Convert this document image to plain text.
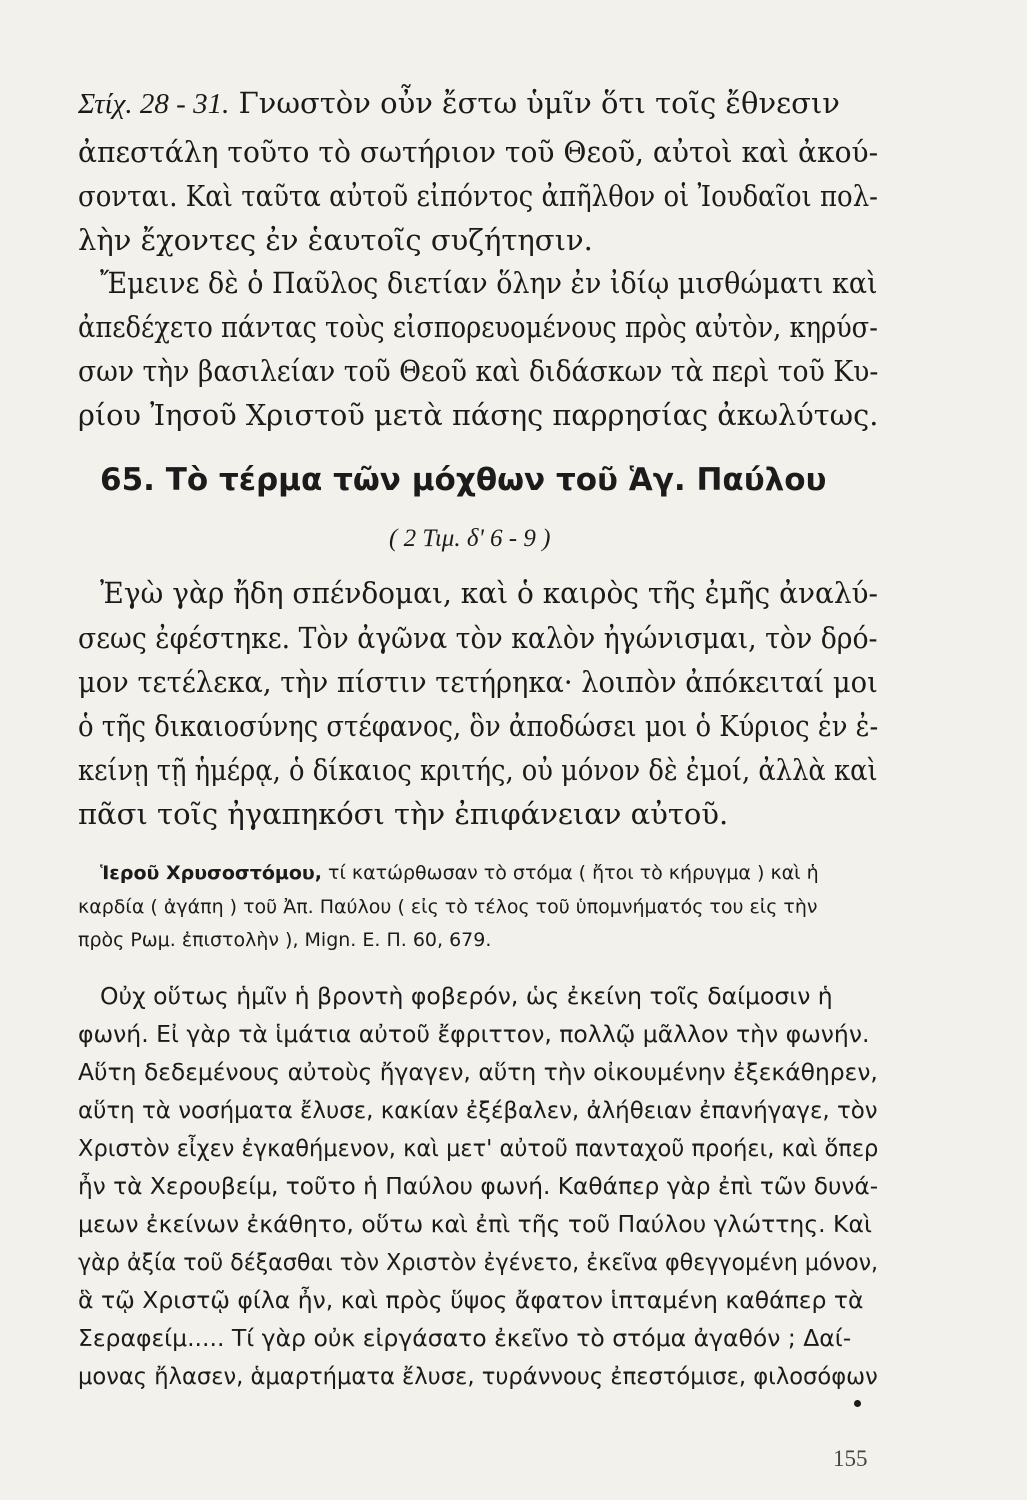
Στίχ. 28 - 31. Γνωστὸν οὖν ἔστω ὑμῖν ὅτι τοῖς ἔθνεσιν
ἀπεστάλη τοῦτο τὸ σωτήριον τοῦ Θεοῦ, αὐτοὶ καὶ ἀκού-
σονται. Καὶ ταῦτα αὐτοῦ εἰπόντος ἀπῆλθον οἱ Ἰουδαῖοι πολ-
λὴν ἔχοντες ἐν ἑαυτοῖς συζήτησιν.
Ἔμεινε δὲ ὁ Παῦλος διετίαν ὅλην ἐν ἰδίῳ μισθώματι καὶ
ἀπεδέχετο πάντας τοὺς εἰσπορευομένους πρὸς αὐτὸν, κηρύσ-
σων τὴν βασιλείαν τοῦ Θεοῦ καὶ διδάσκων τὰ περὶ τοῦ Κυ-
ρίου Ἰησοῦ Χριστοῦ μετὰ πάσης παρρησίας ἀκωλύτως.
65. Τὸ τέρμα τῶν μόχθων τοῦ Ἁγ. Παύλου
( 2 Τιμ. δ' 6 - 9 )
Ἐγὼ γὰρ ἤδη σπένδομαι, καὶ ὁ καιρὸς τῆς ἐμῆς ἀναλύ-
σεως ἐφέστηκε. Τὸν ἀγῶνα τὸν καλὸν ἠγώνισμαι, τὸν δρό-
μον τετέλεκα, τὴν πίστιν τετήρηκα· λοιπὸν ἀπόκειταί μοι
ὁ τῆς δικαιοσύνης στέφανος, ὃν ἀποδώσει μοι ὁ Κύριος ἐν ἐ-
κείνῃ τῇ ἡμέρᾳ, ὁ δίκαιος κριτής, οὐ μόνον δὲ ἐμοί, ἀλλὰ καὶ
πᾶσι τοῖς ἠγαπηκόσι τὴν ἐπιφάνειαν αὐτοῦ.
Ἱεροῦ Χρυσοστόμου, τί κατώρθωσαν τὸ στόμα ( ἤτοι τὸ κήρυγμα ) καὶ ἡ
καρδία ( ἀγάπη ) τοῦ Ἀπ. Παύλου ( εἰς τὸ τέλος τοῦ ὑπομνήματός του εἰς τὴν
πρὸς Ρωμ. ἐπιστολὴν ), Mign. E. Π. 60, 679.
Οὐχ οὕτως ἡμῖν ἡ βροντὴ φοβερόν, ὡς ἐκείνη τοῖς δαίμοσιν ἡ
φωνή. Εἰ γὰρ τὰ ἱμάτια αὐτοῦ ἔφριττον, πολλῷ μᾶλλον τὴν φωνήν.
Αὕτη δεδεμένους αὐτοὺς ἤγαγεν, αὕτη τὴν οἰκουμένην ἐξεκάθηρεν,
αὕτη τὰ νοσήματα ἔλυσε, κακίαν ἐξέβαλεν, ἀλήθειαν ἐπανήγαγε, τὸν
Χριστὸν εἶχεν ἐγκαθήμενον, καὶ μετ' αὐτοῦ πανταχοῦ προήει, καὶ ὅπερ
ἦν τὰ Χερουβείμ, τοῦτο ἡ Παύλου φωνή. Καθάπερ γὰρ ἐπὶ τῶν δυνά-
μεων ἐκείνων ἐκάθητο, οὕτω καὶ ἐπὶ τῆς τοῦ Παύλου γλώττης. Καὶ
γὰρ ἀξία τοῦ δέξασθαι τὸν Χριστὸν ἐγένετο, ἐκεῖνα φθεγγομένη μόνον,
ἃ τῷ Χριστῷ φίλα ἦν, καὶ πρὸς ὕψος ἄφατον ἱπταμένη καθάπερ τὰ
Σεραφείμ..... Τί γὰρ οὐκ εἰργάσατο ἐκεῖνο τὸ στόμα ἀγαθόν ; Δαί-
μονας ἤλασεν, ἁμαρτήματα ἔλυσε, τυράννους ἐπεστόμισε, φιλοσόφων
155
